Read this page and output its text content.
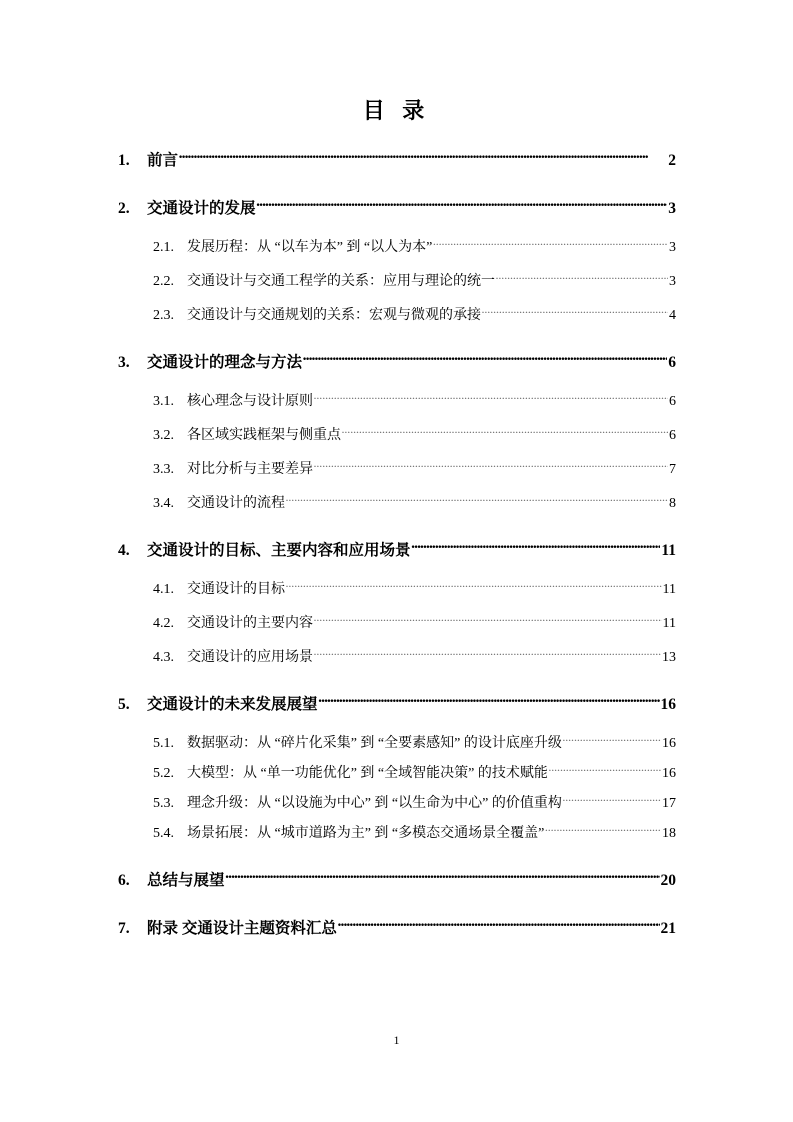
目 录
1.	前言 ·····	2
2.	交通设计的发展 ·····	3
2.1. 发展历程：从 “以车为本” 到 “以人为本” ·····	3
2.2. 交通设计与交通工程学的关系：应用与理论的统一 ·····	3
2.3. 交通设计与交通规划的关系：宏观与微观的承接 ·····	4
3.	交通设计的理念与方法 ·····	6
3.1. 核心理念与设计原则 ·····	6
3.2. 各区域实践框架与侧重点 ·····	6
3.3. 对比分析与主要差异 ·····	7
3.4. 交通设计的流程 ·····	8
4.	交通设计的目标、主要内容和应用场景 ·····	11
4.1. 交通设计的目标 ·····	11
4.2. 交通设计的主要内容 ·····	11
4.3. 交通设计的应用场景 ·····	13
5.	交通设计的未来发展展望 ·····	16
5.1. 数据驱动：从 “碎片化采集” 到 “全要素感知” 的设计底座升级 ·····	16
5.2. 大模型：从 “单一功能优化” 到 “全域智能决策” 的技术赋能 ·····	16
5.3. 理念升级：从 “以设施为中心” 到 “以生命为中心” 的价值重构 ·····	17
5.4. 场景拓展：从 “城市道路为主” 到 “多模态交通场景全覆盖” ·····	18
6.	总结与展望 ·····	20
7.	附录 交通设计主题资料汇总 ·····	21
1
